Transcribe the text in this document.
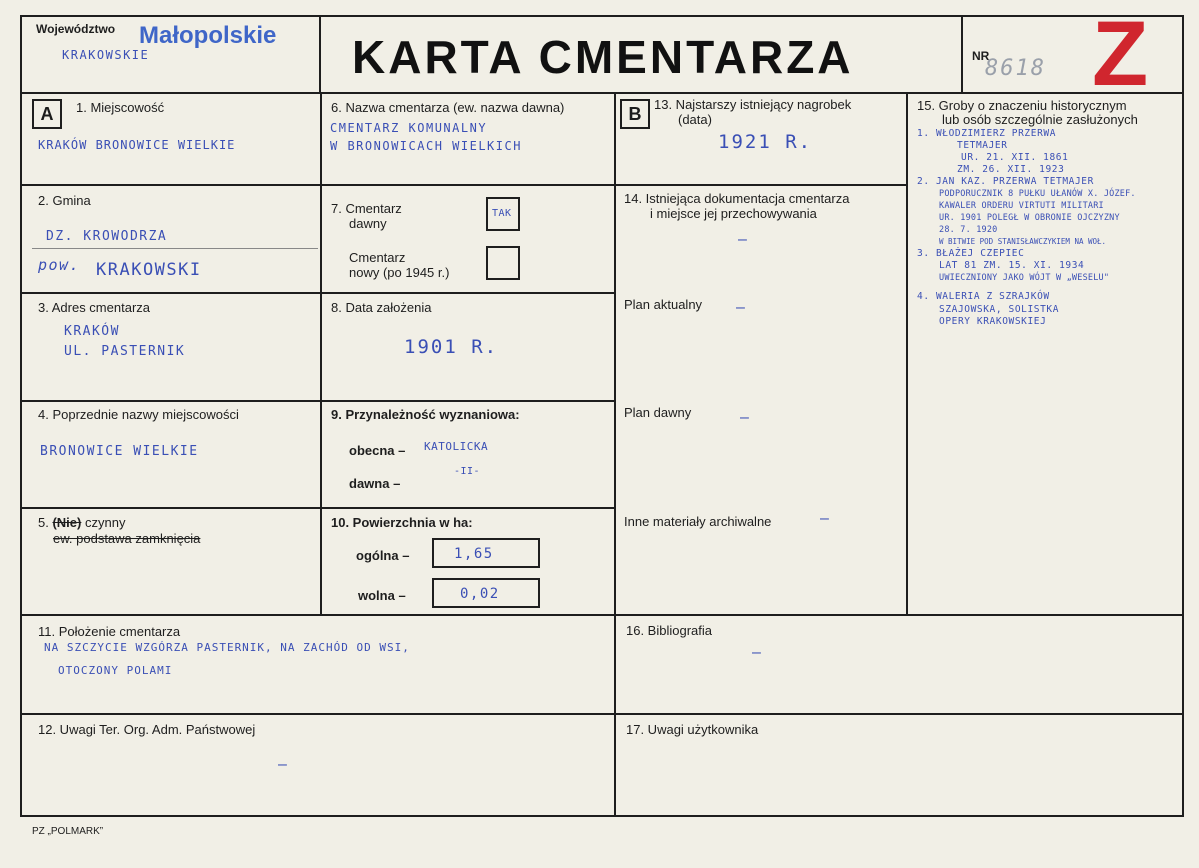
Województwo Małopolskie
KRAKOWSKIE	KARTA CMENTARZA	NR
8618 Z
A	B
1. Miejscowość
KRAKÓW BRONOWICE WIELKIE
2. Gmina
DZ. KROWODRZA
pow. KRAKOWSKI
3. Adres cmentarza
KRAKÓW
UL. PASTERNIK
4. Poprzednie nazwy miejscowości
BRONOWICE WIELKIE
5. (Nie) czynny
ew. podstawa zamknięcia
6. Nazwa cmentarza (ew. nazwa dawna)
CMENTARZ KOMUNALNY
W BRONOWICACH WIELKICH
7. Cmentarz
dawny
TAK
Cmentarz
nowy (po 1945 r.)
8. Data założenia
1901 R.
9. Przynależność wyznaniowa:
obecna – KATOLICKA
dawna –
-II-
10. Powierzchnia w ha:
ogólna –	1,65
wolna –	0,02
11. Położenie cmentarza
NA SZCZYCIE WZGÓRZA PASTERNIK, NA ZACHÓD OD WSI,
OTOCZONY POLAMI
12. Uwagi Ter. Org. Adm. Państwowej
–
13. Najstarszy istniejący nagrobek
(data)
1921 R.
14. Istniejąca dokumentacja cmentarza
i miejsce jej przechowywania
–
Plan aktualny –
Plan dawny	–
Inne materiały archiwalne	–
15. Groby o znaczeniu historycznym
lub osób szczególnie zasłużonych
1. WŁODZIMIERZ PRZERWA
TETMAJER
UR. 21. XII. 1861
ZM. 26. XII. 1923
2. JAN KAZ. PRZERWA TETMAJER
PODPORUCZNIK 8 PUŁKU UŁANÓW X. JÓZEF.
KAWALER ORDERU VIRTUTI MILITARI
UR. 1901 POLEGŁ W OBRONIE OJCZYZNY
28. 7. 1920
W BITWIE POD STANISŁAWCZYKIEM NA WOŁ.
3. BŁAŻEJ CZEPIEC
LAT 81 ZM. 15. XI. 1934
UWIECZNIONY JAKO WÓJT W „WESELU"
4. WALERIA Z SZRAJKÓW
SZAJOWSKA, SOLISTKA
OPERY KRAKOWSKIEJ
16. Bibliografia
–
17. Uwagi użytkownika
PZ „POLMARK”
